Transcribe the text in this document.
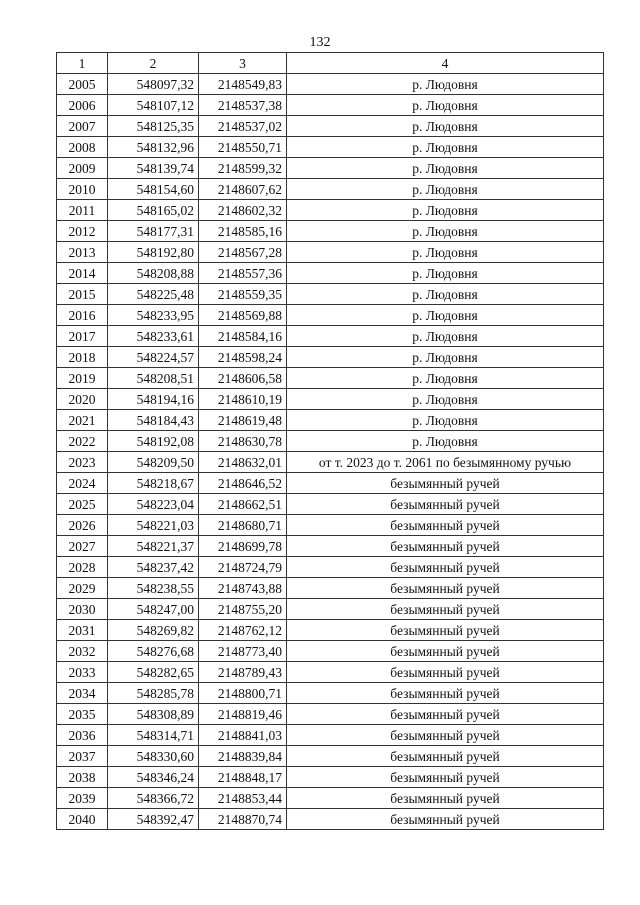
132
1	2	3	4
2005	548097,32	2148549,83	р. Людовня
2006	548107,12	2148537,38	р. Людовня
2007	548125,35	2148537,02	р. Людовня
2008	548132,96	2148550,71	р. Людовня
2009	548139,74	2148599,32	р. Людовня
2010	548154,60	2148607,62	р. Людовня
2011	548165,02	2148602,32	р. Людовня
2012	548177,31	2148585,16	р. Людовня
2013	548192,80	2148567,28	р. Людовня
2014	548208,88	2148557,36	р. Людовня
2015	548225,48	2148559,35	р. Людовня
2016	548233,95	2148569,88	р. Людовня
2017	548233,61	2148584,16	р. Людовня
2018	548224,57	2148598,24	р. Людовня
2019	548208,51	2148606,58	р. Людовня
2020	548194,16	2148610,19	р. Людовня
2021	548184,43	2148619,48	р. Людовня
2022	548192,08	2148630,78	р. Людовня
2023	548209,50	2148632,01	от т. 2023 до т. 2061 по безымянному ручью
2024	548218,67	2148646,52	безымянный ручей
2025	548223,04	2148662,51	безымянный ручей
2026	548221,03	2148680,71	безымянный ручей
2027	548221,37	2148699,78	безымянный ручей
2028	548237,42	2148724,79	безымянный ручей
2029	548238,55	2148743,88	безымянный ручей
2030	548247,00	2148755,20	безымянный ручей
2031	548269,82	2148762,12	безымянный ручей
2032	548276,68	2148773,40	безымянный ручей
2033	548282,65	2148789,43	безымянный ручей
2034	548285,78	2148800,71	безымянный ручей
2035	548308,89	2148819,46	безымянный ручей
2036	548314,71	2148841,03	безымянный ручей
2037	548330,60	2148839,84	безымянный ручей
2038	548346,24	2148848,17	безымянный ручей
2039	548366,72	2148853,44	безымянный ручей
2040	548392,47	2148870,74	безымянный ручей
